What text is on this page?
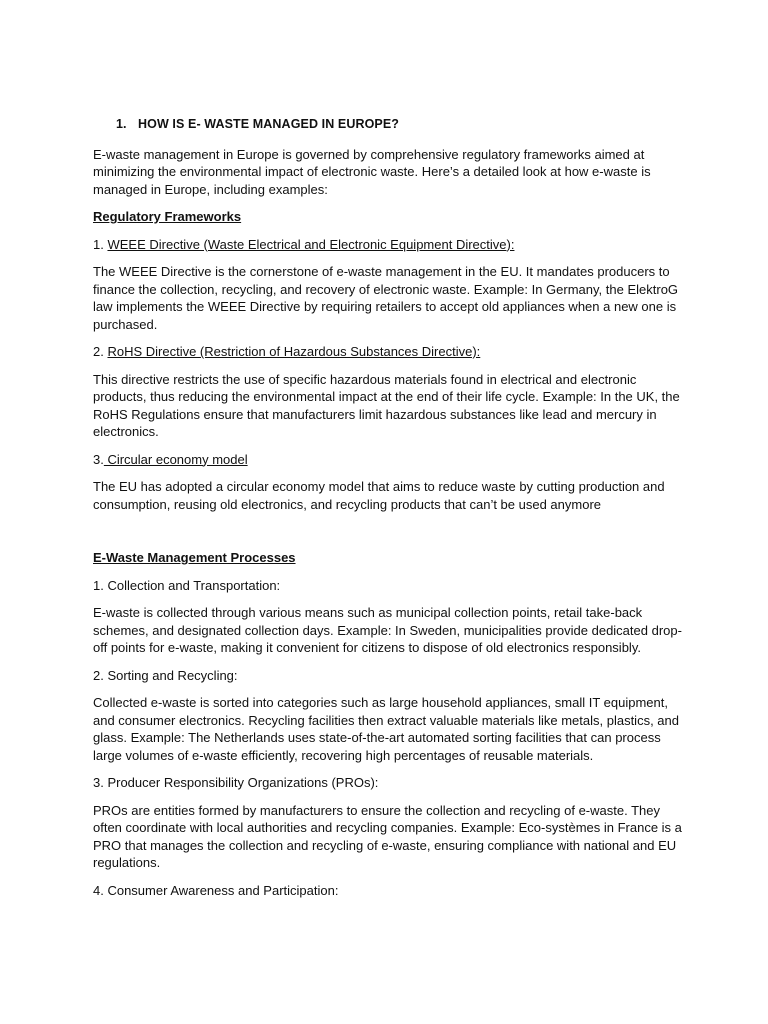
1. HOW IS E- WASTE MANAGED IN EUROPE?

E-waste management in Europe is governed by comprehensive regulatory frameworks aimed at minimizing the environmental impact of electronic waste. Here’s a detailed look at how e-waste is managed in Europe, including examples:

Regulatory Frameworks

1. WEEE Directive (Waste Electrical and Electronic Equipment Directive):

The WEEE Directive is the cornerstone of e-waste management in the EU. It mandates producers to finance the collection, recycling, and recovery of electronic waste. Example: In Germany, the ElektroG law implements the WEEE Directive by requiring retailers to accept old appliances when a new one is purchased.

2. RoHS Directive (Restriction of Hazardous Substances Directive):

This directive restricts the use of specific hazardous materials found in electrical and electronic products, thus reducing the environmental impact at the end of their life cycle. Example: In the UK, the RoHS Regulations ensure that manufacturers limit hazardous substances like lead and mercury in electronics.

3. Circular economy model

The EU has adopted a circular economy model that aims to reduce waste by cutting production and consumption, reusing old electronics, and recycling products that can’t be used anymore

E-Waste Management Processes

1. Collection and Transportation:

E-waste is collected through various means such as municipal collection points, retail take-back schemes, and designated collection days. Example: In Sweden, municipalities provide dedicated drop-off points for e-waste, making it convenient for citizens to dispose of old electronics responsibly.

2. Sorting and Recycling:

Collected e-waste is sorted into categories such as large household appliances, small IT equipment, and consumer electronics. Recycling facilities then extract valuable materials like metals, plastics, and glass. Example: The Netherlands uses state-of-the-art automated sorting facilities that can process large volumes of e-waste efficiently, recovering high percentages of reusable materials.

3. Producer Responsibility Organizations (PROs):

PROs are entities formed by manufacturers to ensure the collection and recycling of e-waste. They often coordinate with local authorities and recycling companies. Example: Eco-systèmes in France is a PRO that manages the collection and recycling of e-waste, ensuring compliance with national and EU regulations.

4. Consumer Awareness and Participation:
